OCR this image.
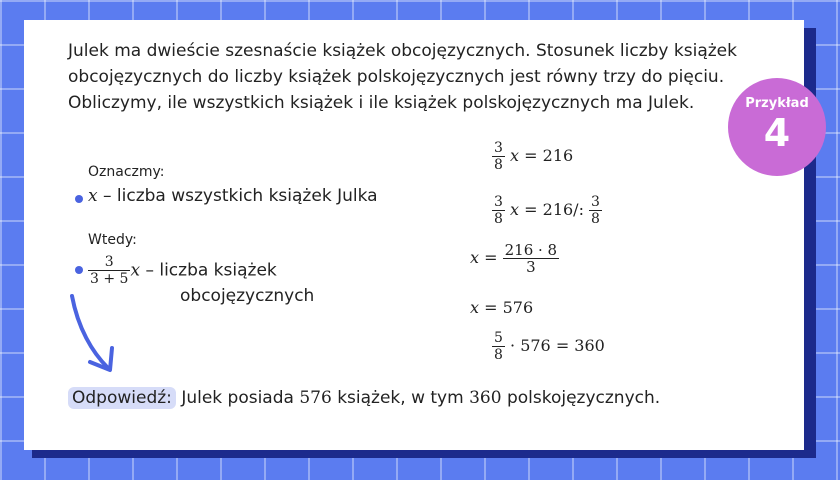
Julek ma dwieście szesnaście książek obcojęzycznych. Stosunek liczby książek obcojęzycznych do liczby książek polskojęzycznych jest równy trzy do pięciu. Obliczymy, ile wszystkich książek i ile książek polskojęzycznych ma Julek.
Oznaczmy:
x – liczba wszystkich książek Julka
Wtedy:
$\frac{3}{3 + 5}$ x – liczba książek
obcojęzycznych
$\frac{3}{8}$ x = 216
$\frac{3}{8}$ x = 216/: $\frac{3}{8}$
$x = \frac{216 \cdot 8}{3}$
x = 576
$\frac{5}{8} \cdot 576 = 360$
Odpowiedź: Julek posiada 576 książek, w tym 360 polskojęzycznych.
Przykład
4
